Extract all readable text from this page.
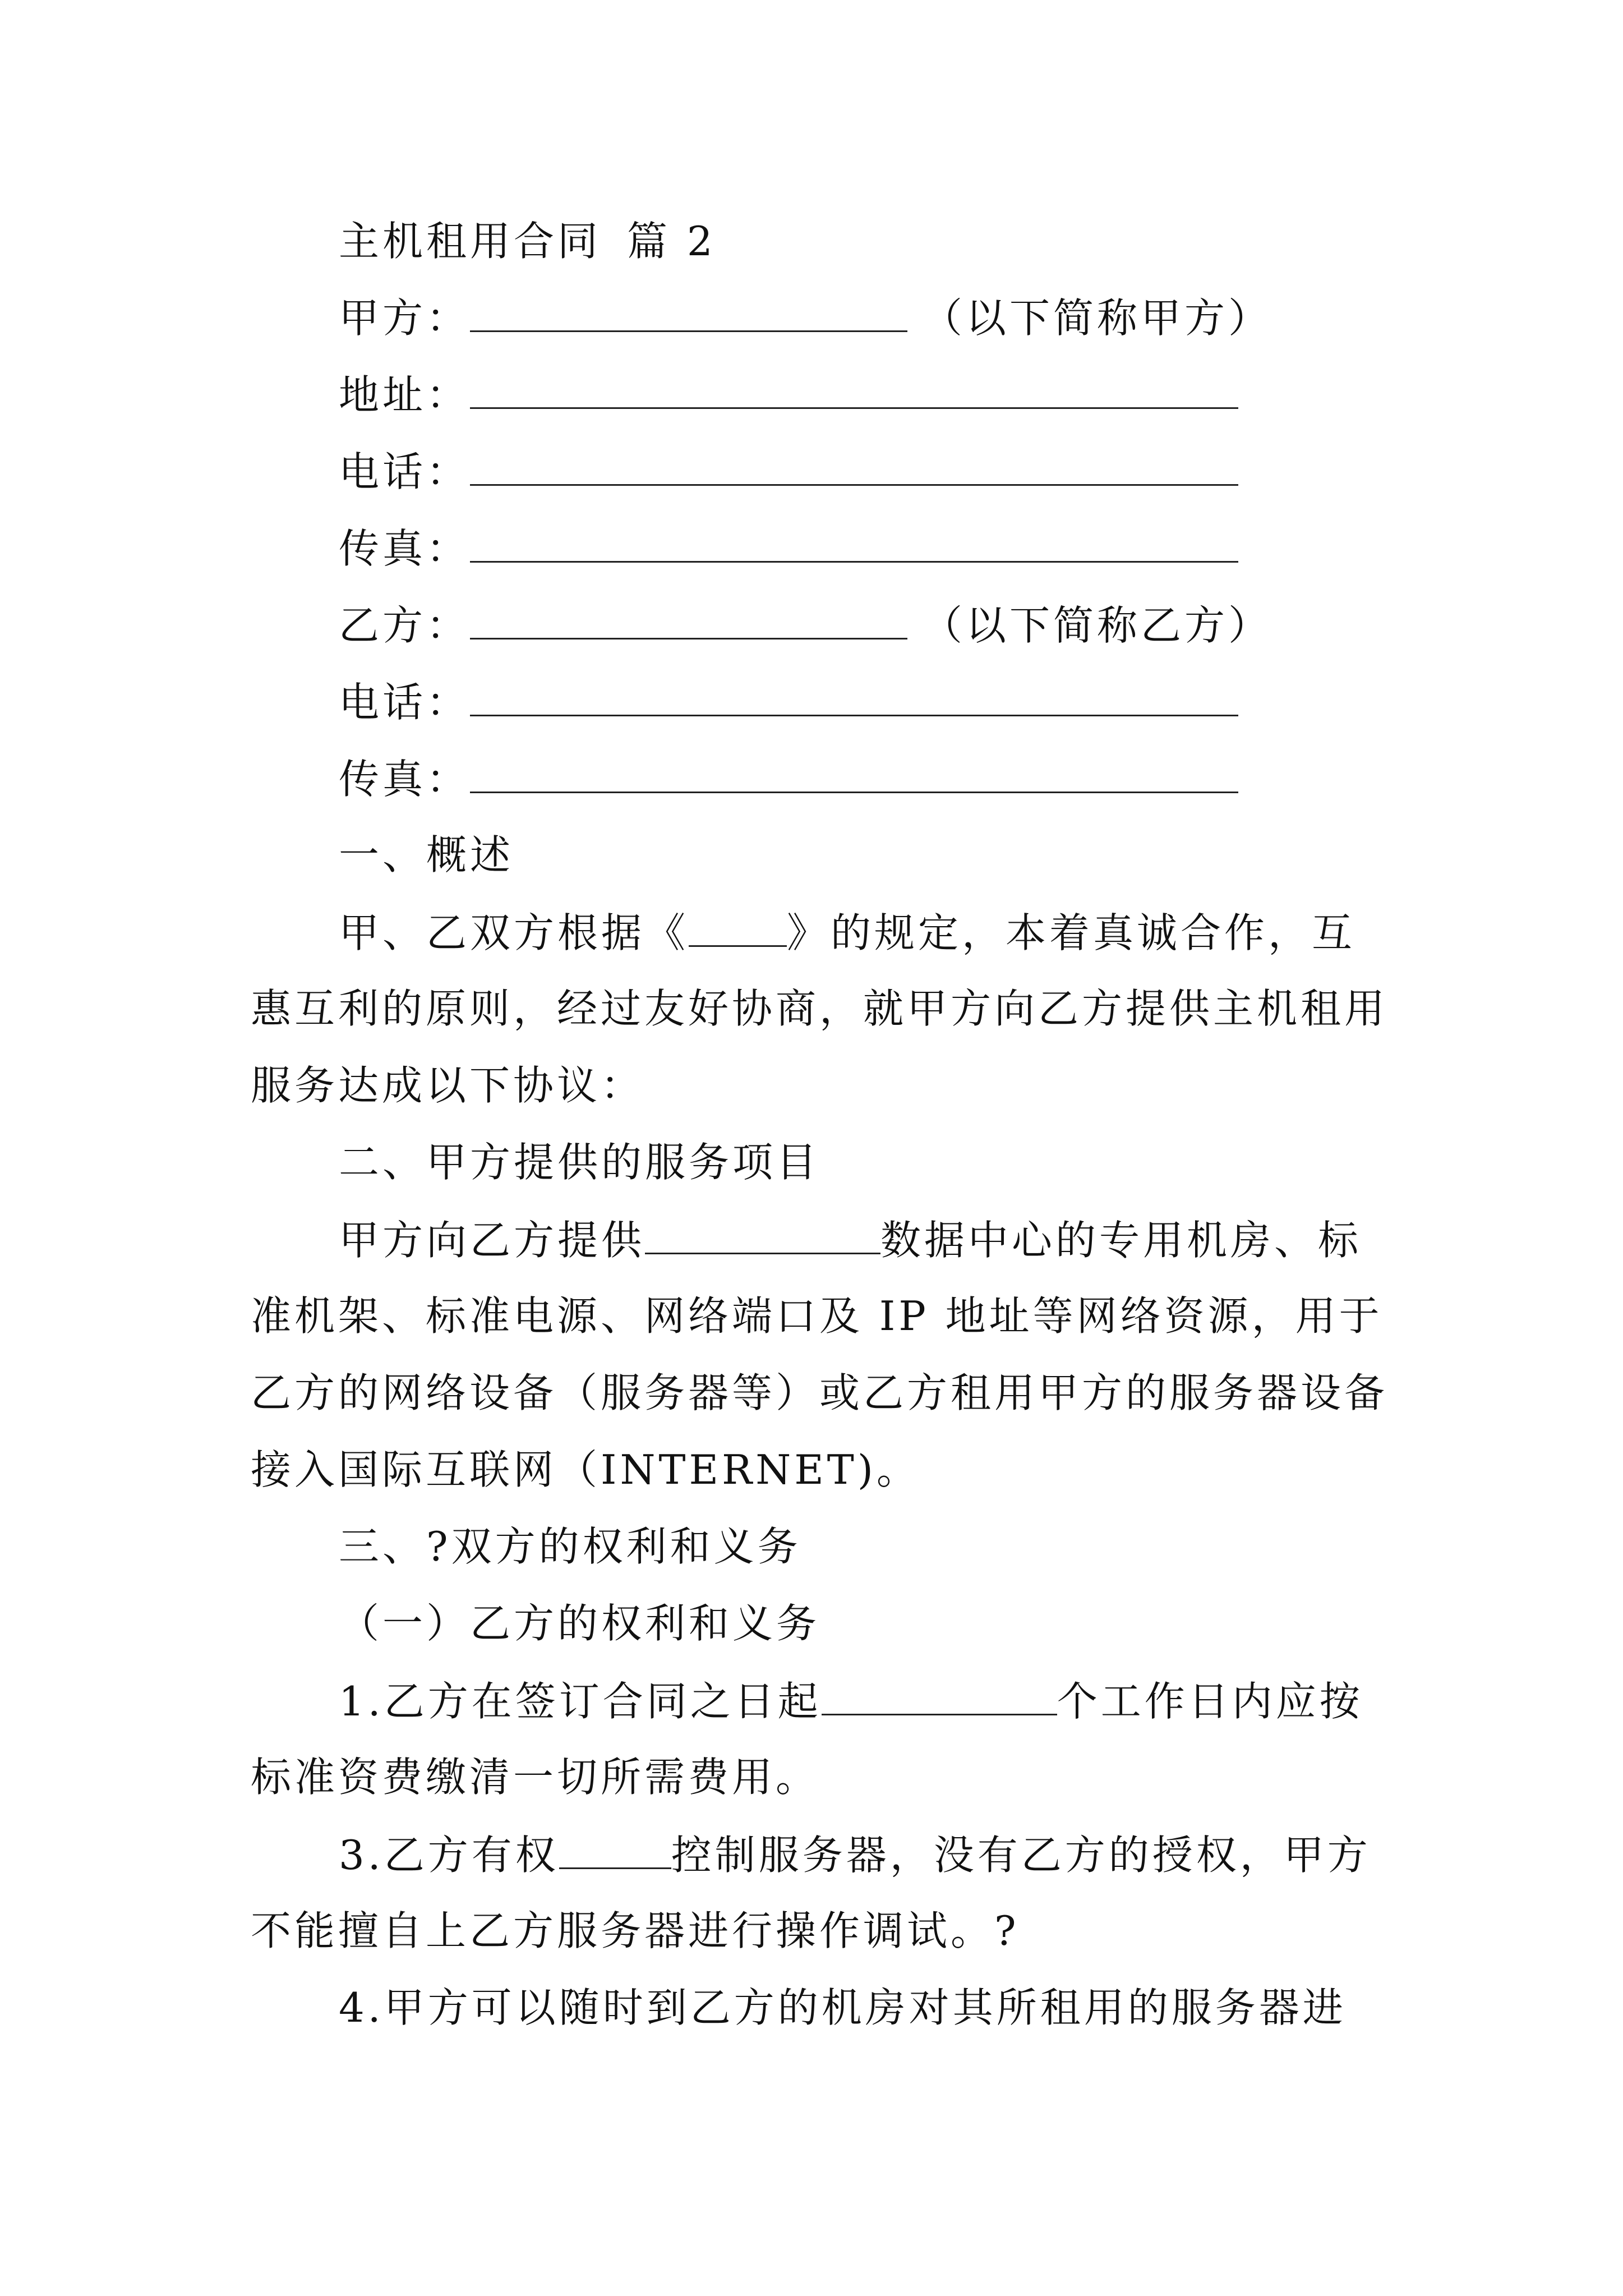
主机租用合同 篇 2
甲方：	（以下简称甲方）
地址：
电话：
传真：
乙方：	（以下简称乙方）
电话：
传真：
一、概述
甲、乙双方根据《 》的规定，本着真诚合作，互
惠互利的原则，经过友好协商，就甲方向乙方提供主机租用
服务达成以下协议：
二、甲方提供的服务项目
甲方向乙方提供	数据中心的专用机房、标
准机架、标准电源、网络端口及 IP 地址等网络资源，用于
乙方的网络设备（服务器等）或乙方租用甲方的服务器设备
接入国际互联网（INTERNET)。
三、?双方的权利和义务
（一）乙方的权利和义务
1.乙方在签订合同之日起	个工作日内应按
标准资费缴清一切所需费用。
3.乙方有权	控制服务器，没有乙方的授权，甲方
不能擅自上乙方服务器进行操作调试。?
4.甲方可以随时到乙方的机房对其所租用的服务器进
